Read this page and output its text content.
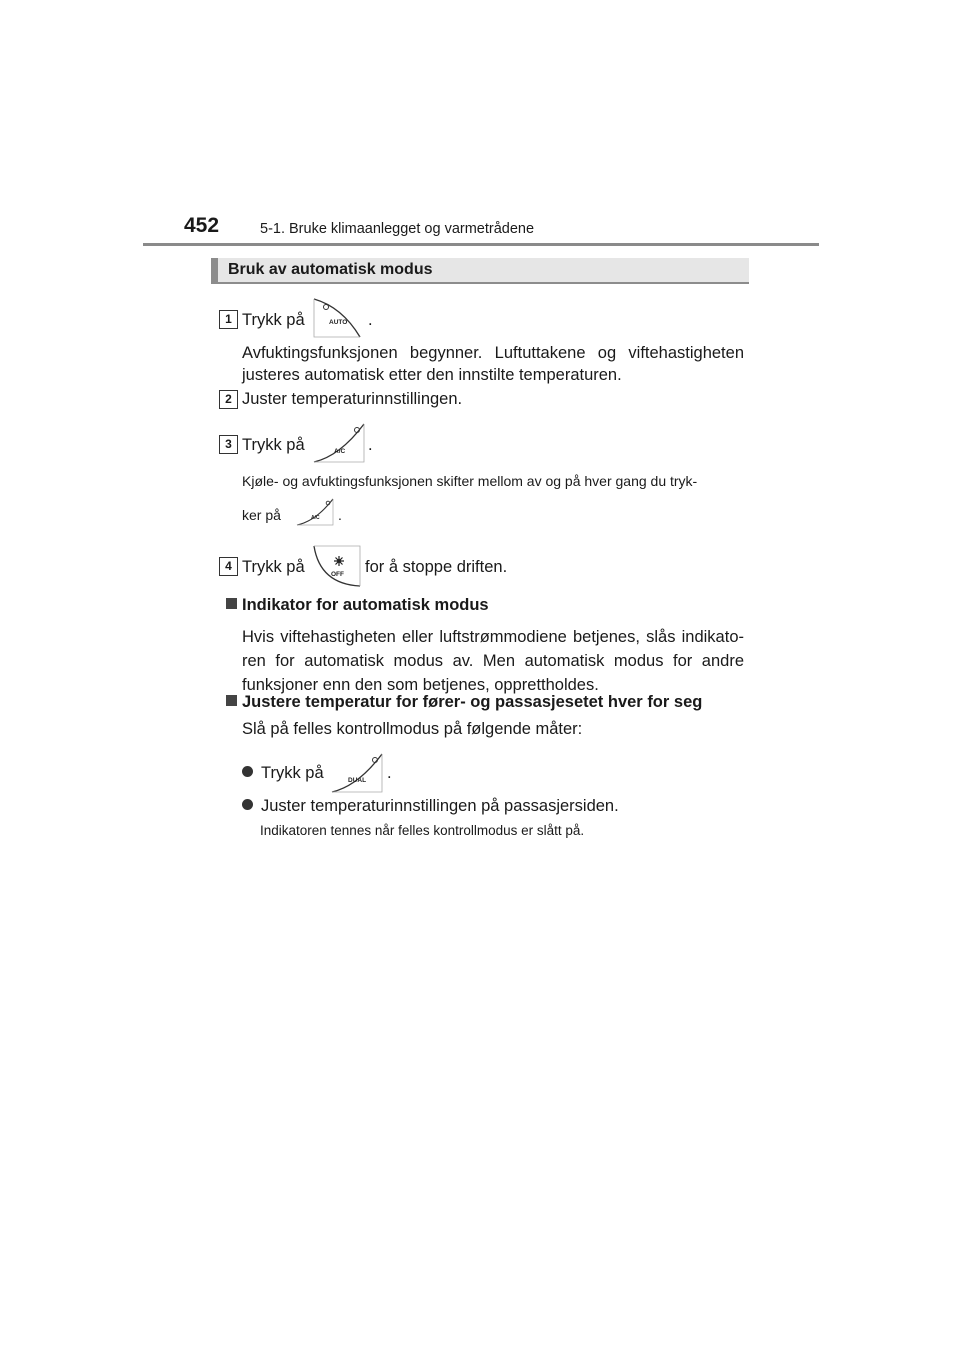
452	5-1. Bruke klimaanlegget og varmetrådene
Bruk av automatisk modus
1 Trykk på	AUTO .
Avfuktingsfunksjonen begynner. Luftuttakene og viftehastigheten
justeres automatisk etter den innstilte temperaturen.
2 Juster temperaturinnstillingen.
3 Trykk på	A/C .
Kjøle- og avfuktingsfunksjonen skifter mellom av og på hver gang du tryk-
ker på	A/C .
4 Trykk på	OFF for å stoppe driften.
Indikator for automatisk modus
Hvis viftehastigheten eller luftstrømmodiene betjenes, slås indikato-
ren for automatisk modus av. Men automatisk modus for andre
funksjoner enn den som betjenes, opprettholdes.
Justere temperatur for fører- og passasjesetet hver for seg
Slå på felles kontrollmodus på følgende måter:
Trykk på	DUAL .
Juster temperaturinnstillingen på passasjersiden.
Indikatoren tennes når felles kontrollmodus er slått på.
